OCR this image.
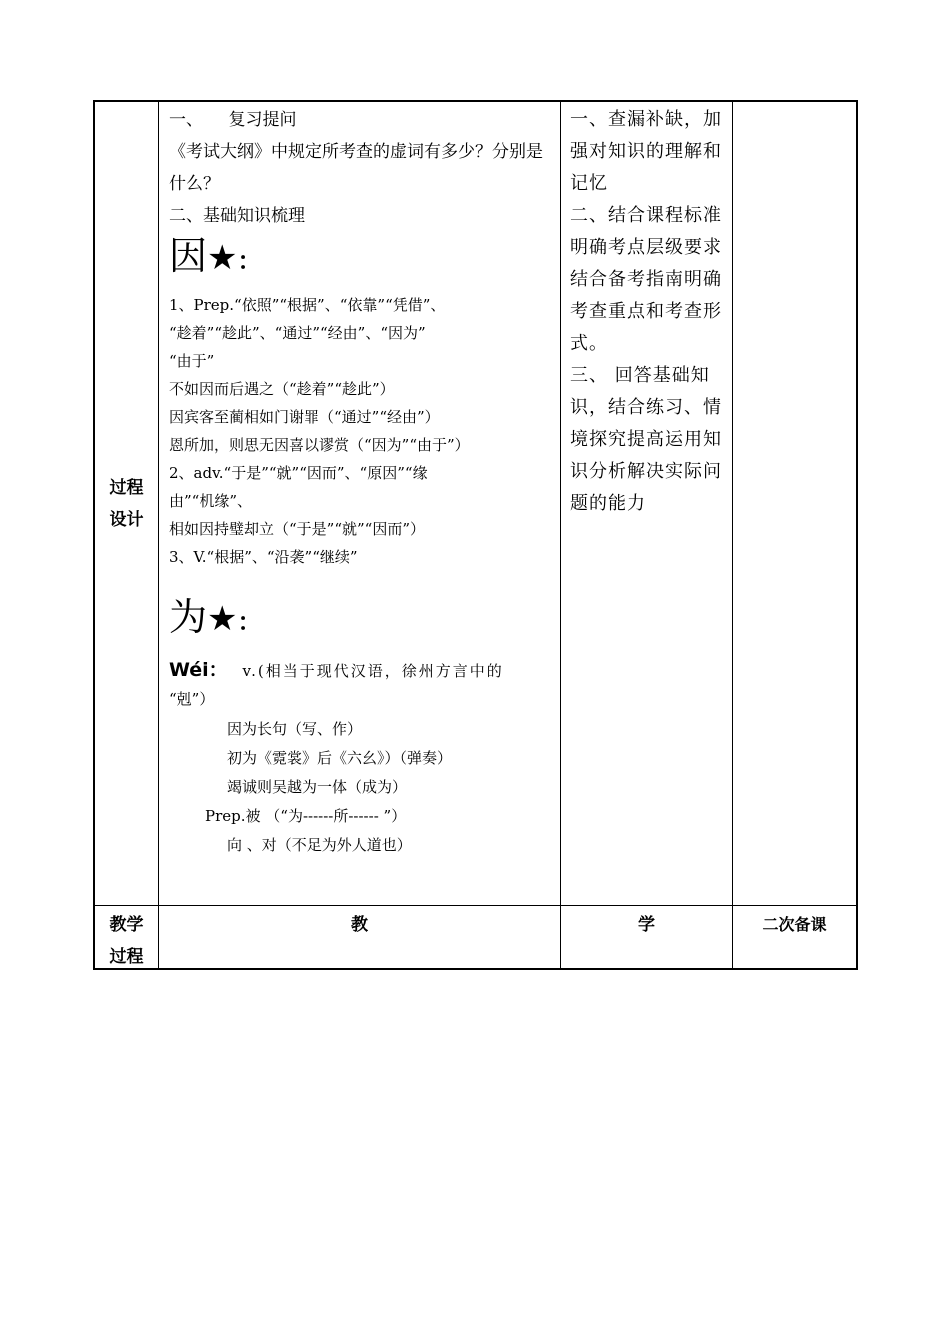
过程
设计
一、　　复习提问
《考试大纲》中规定所考查的虚词有多少？分别是什么？
二、基础知识梳理
因★：
1、Prep.“依照”“根据”、“依靠”“凭借”、
“趁着”“趁此”、“通过”“经由”、“因为”
“由于”
不如因而后遇之（“趁着”“趁此”）
因宾客至蔺相如门谢罪（“通过”“经由”）
恩所加，则思无因喜以谬赏（“因为”“由于”）
2、adv.“于是”“就”“因而”、“原因”“缘
由”“机缘”、
相如因持璧却立（“于是”“就”“因而”）
3、V.“根据”、“沿袭”“继续”
为★：
Wéi： v.(相当于现代汉语，徐州方言中的
“剋”）
因为长句（写、作）
初为《霓裳》后《六幺》）（弹奏）
竭诚则吴越为一体（成为）
Prep.被 （“为------所------ ”）
向 、对（不足为外人道也）
一、查漏补缺，加
强对知识的理解和
记忆
二、结合课程标准
明确考点层级要求
结合备考指南明确
考查重点和考查形
式。
三、 回答基础知
识，结合练习、情
境探究提高运用知
识分析解决实际问
题的能力
教学
过程
教	学	二次备课
